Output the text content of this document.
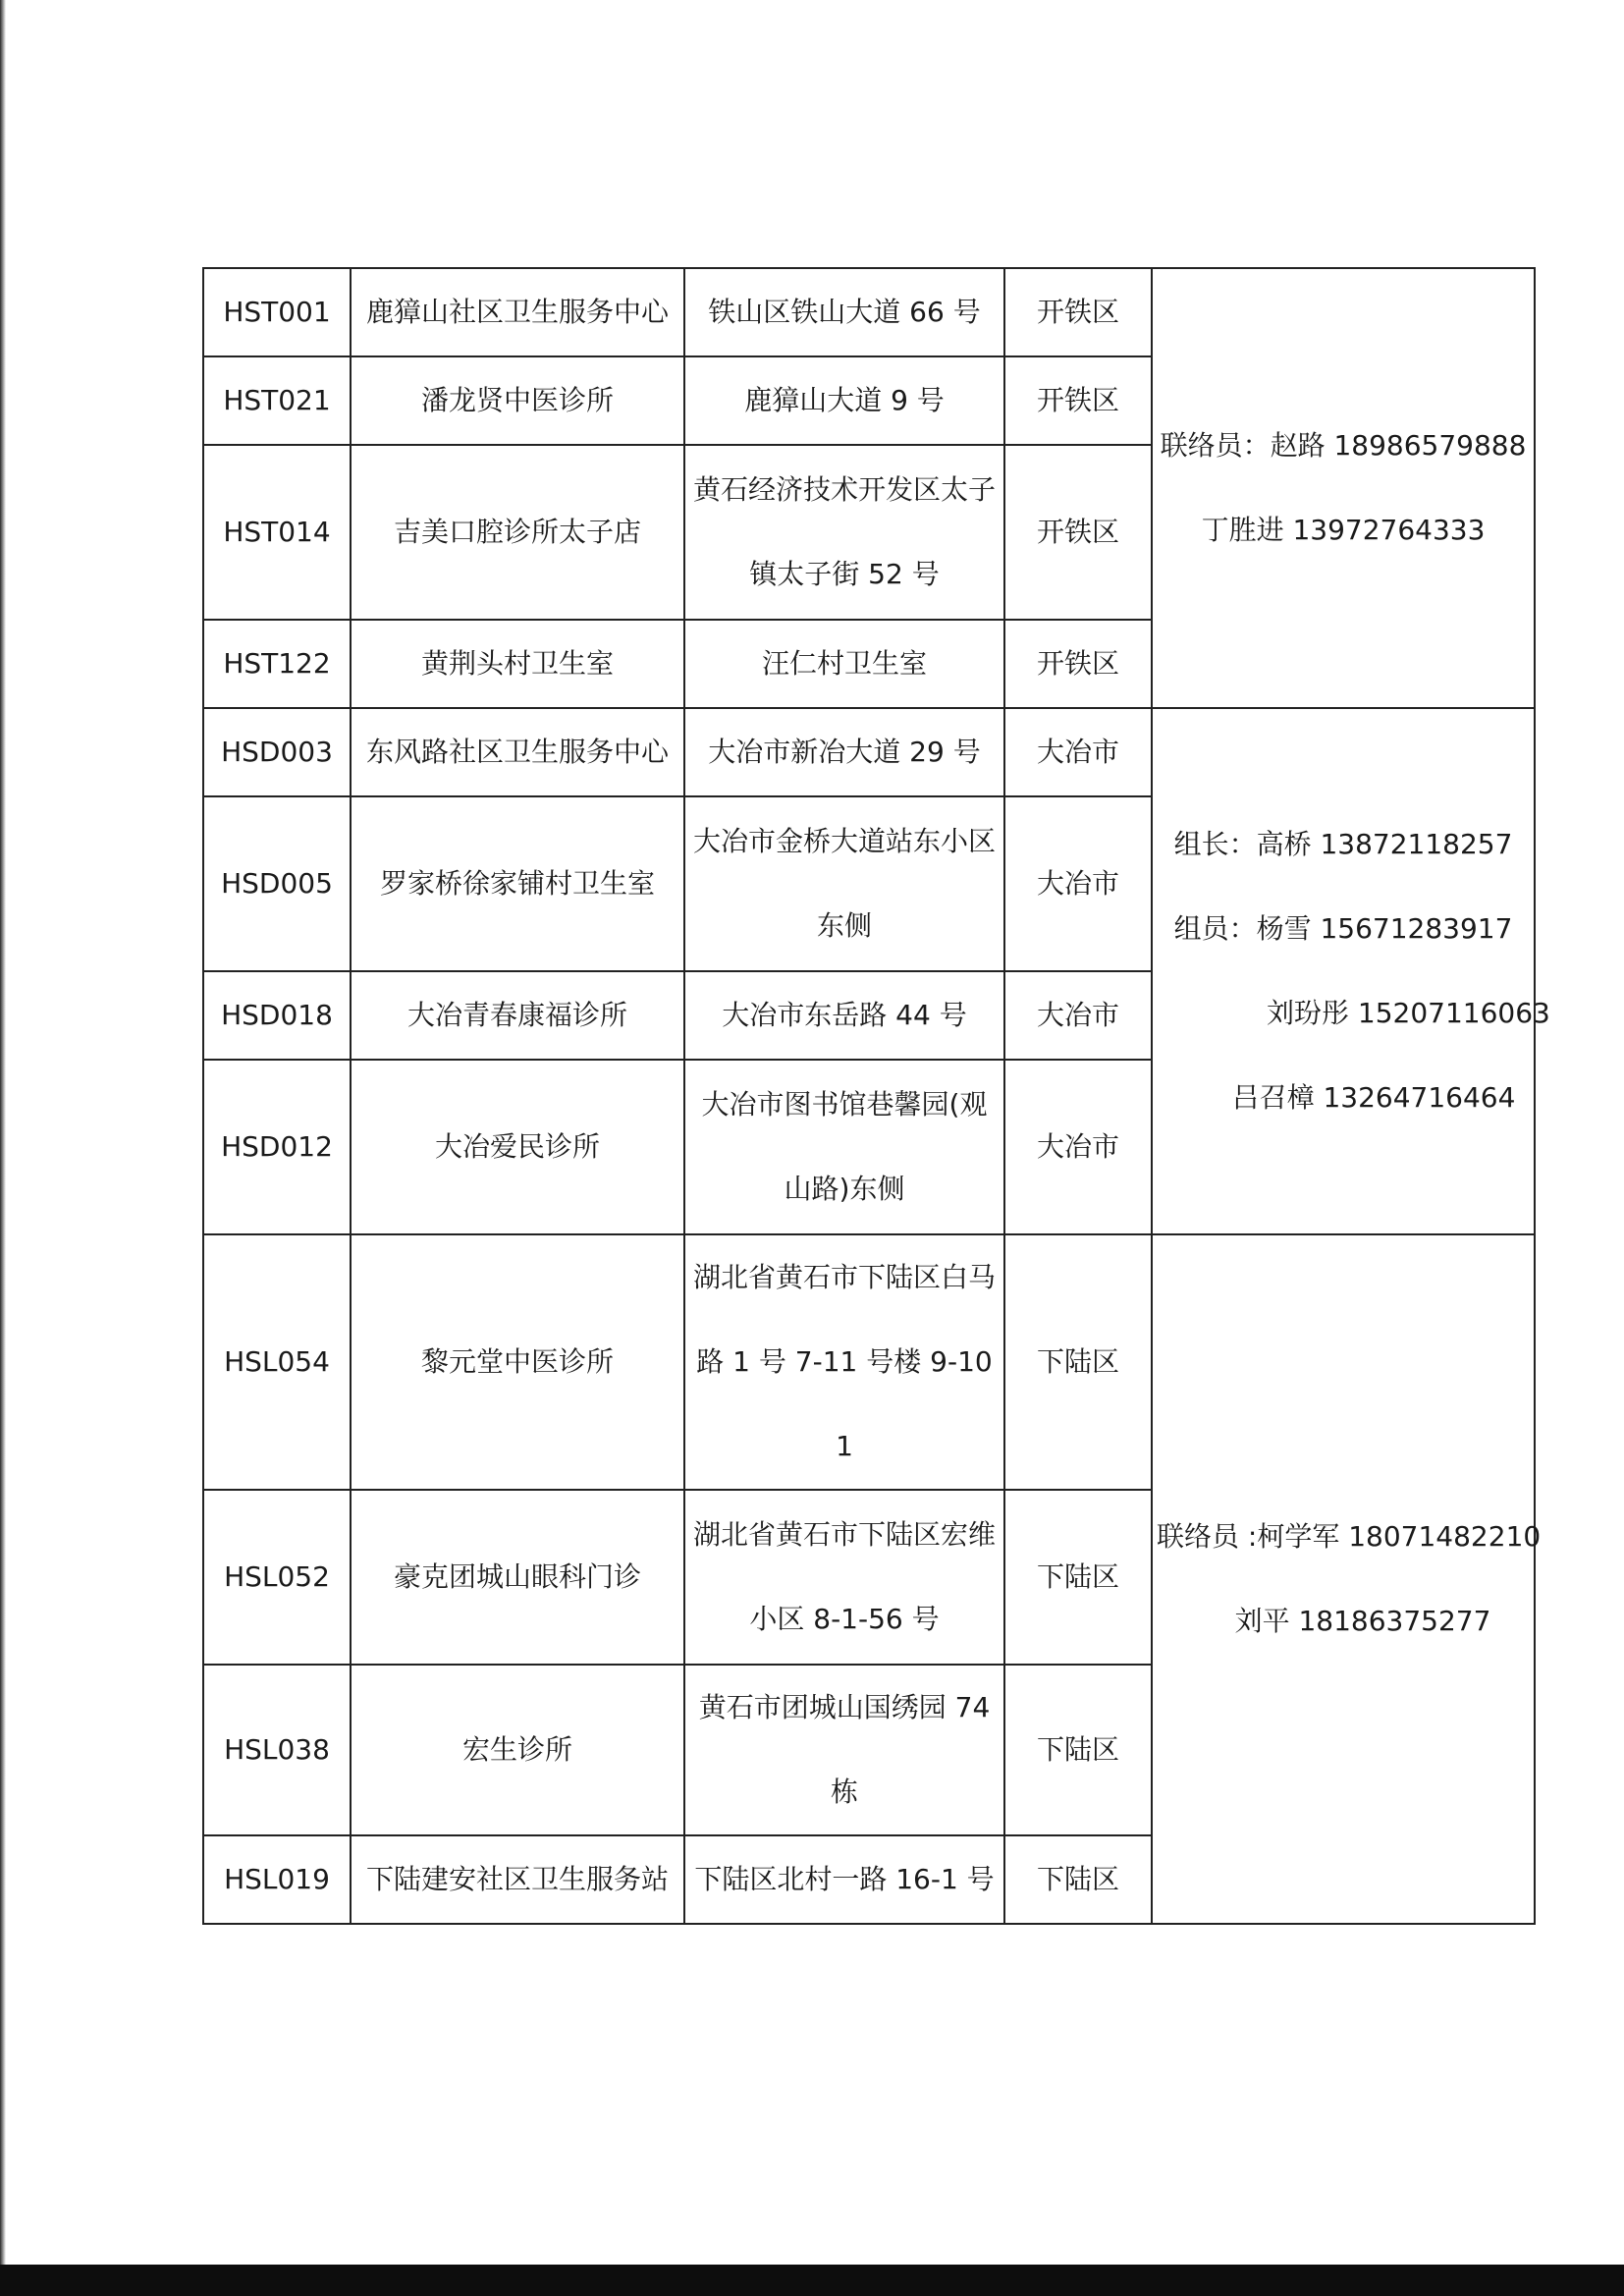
HST001	鹿獐山社区卫生服务中心	铁山区铁山大道 66 号	开铁区	联络员：赵路 18986579888
丁胜进 13972764333

HST021	潘龙贤中医诊所	鹿獐山大道 9 号	开铁区	
HST014	吉美口腔诊所太子店	黄石经济技术开发区太子镇太子街 52 号	开铁区	
HST122	黄荆头村卫生室	汪仁村卫生室	开铁区	
HSD003	东风路社区卫生服务中心	大冶市新冶大道 29 号	大冶市	组长：高桥 13872118257
组员：杨雪 15671283917
刘玢彤 15207116063
吕召樟 13264716464

HSD005	罗家桥徐家铺村卫生室	大冶市金桥大道站东小区东侧	大冶市	
HSD018	大冶青春康福诊所	大冶市东岳路 44 号	大冶市	
HSD012	大冶爱民诊所	大冶市图书馆巷馨园(观山路)东侧	大冶市	
HSL054	黎元堂中医诊所	湖北省黄石市下陆区白马路 1 号 7-11 号楼 9-101	下陆区	联络员 :柯学军 18071482210
刘平 18186375277

HSL052	豪克团城山眼科门诊	湖北省黄石市下陆区宏维小区 8-1-56 号	下陆区	
HSL038	宏生诊所	黄石市团城山国绣园 74 栋	下陆区	
HSL019	下陆建安社区卫生服务站	下陆区北村一路 16-1 号	下陆区	
